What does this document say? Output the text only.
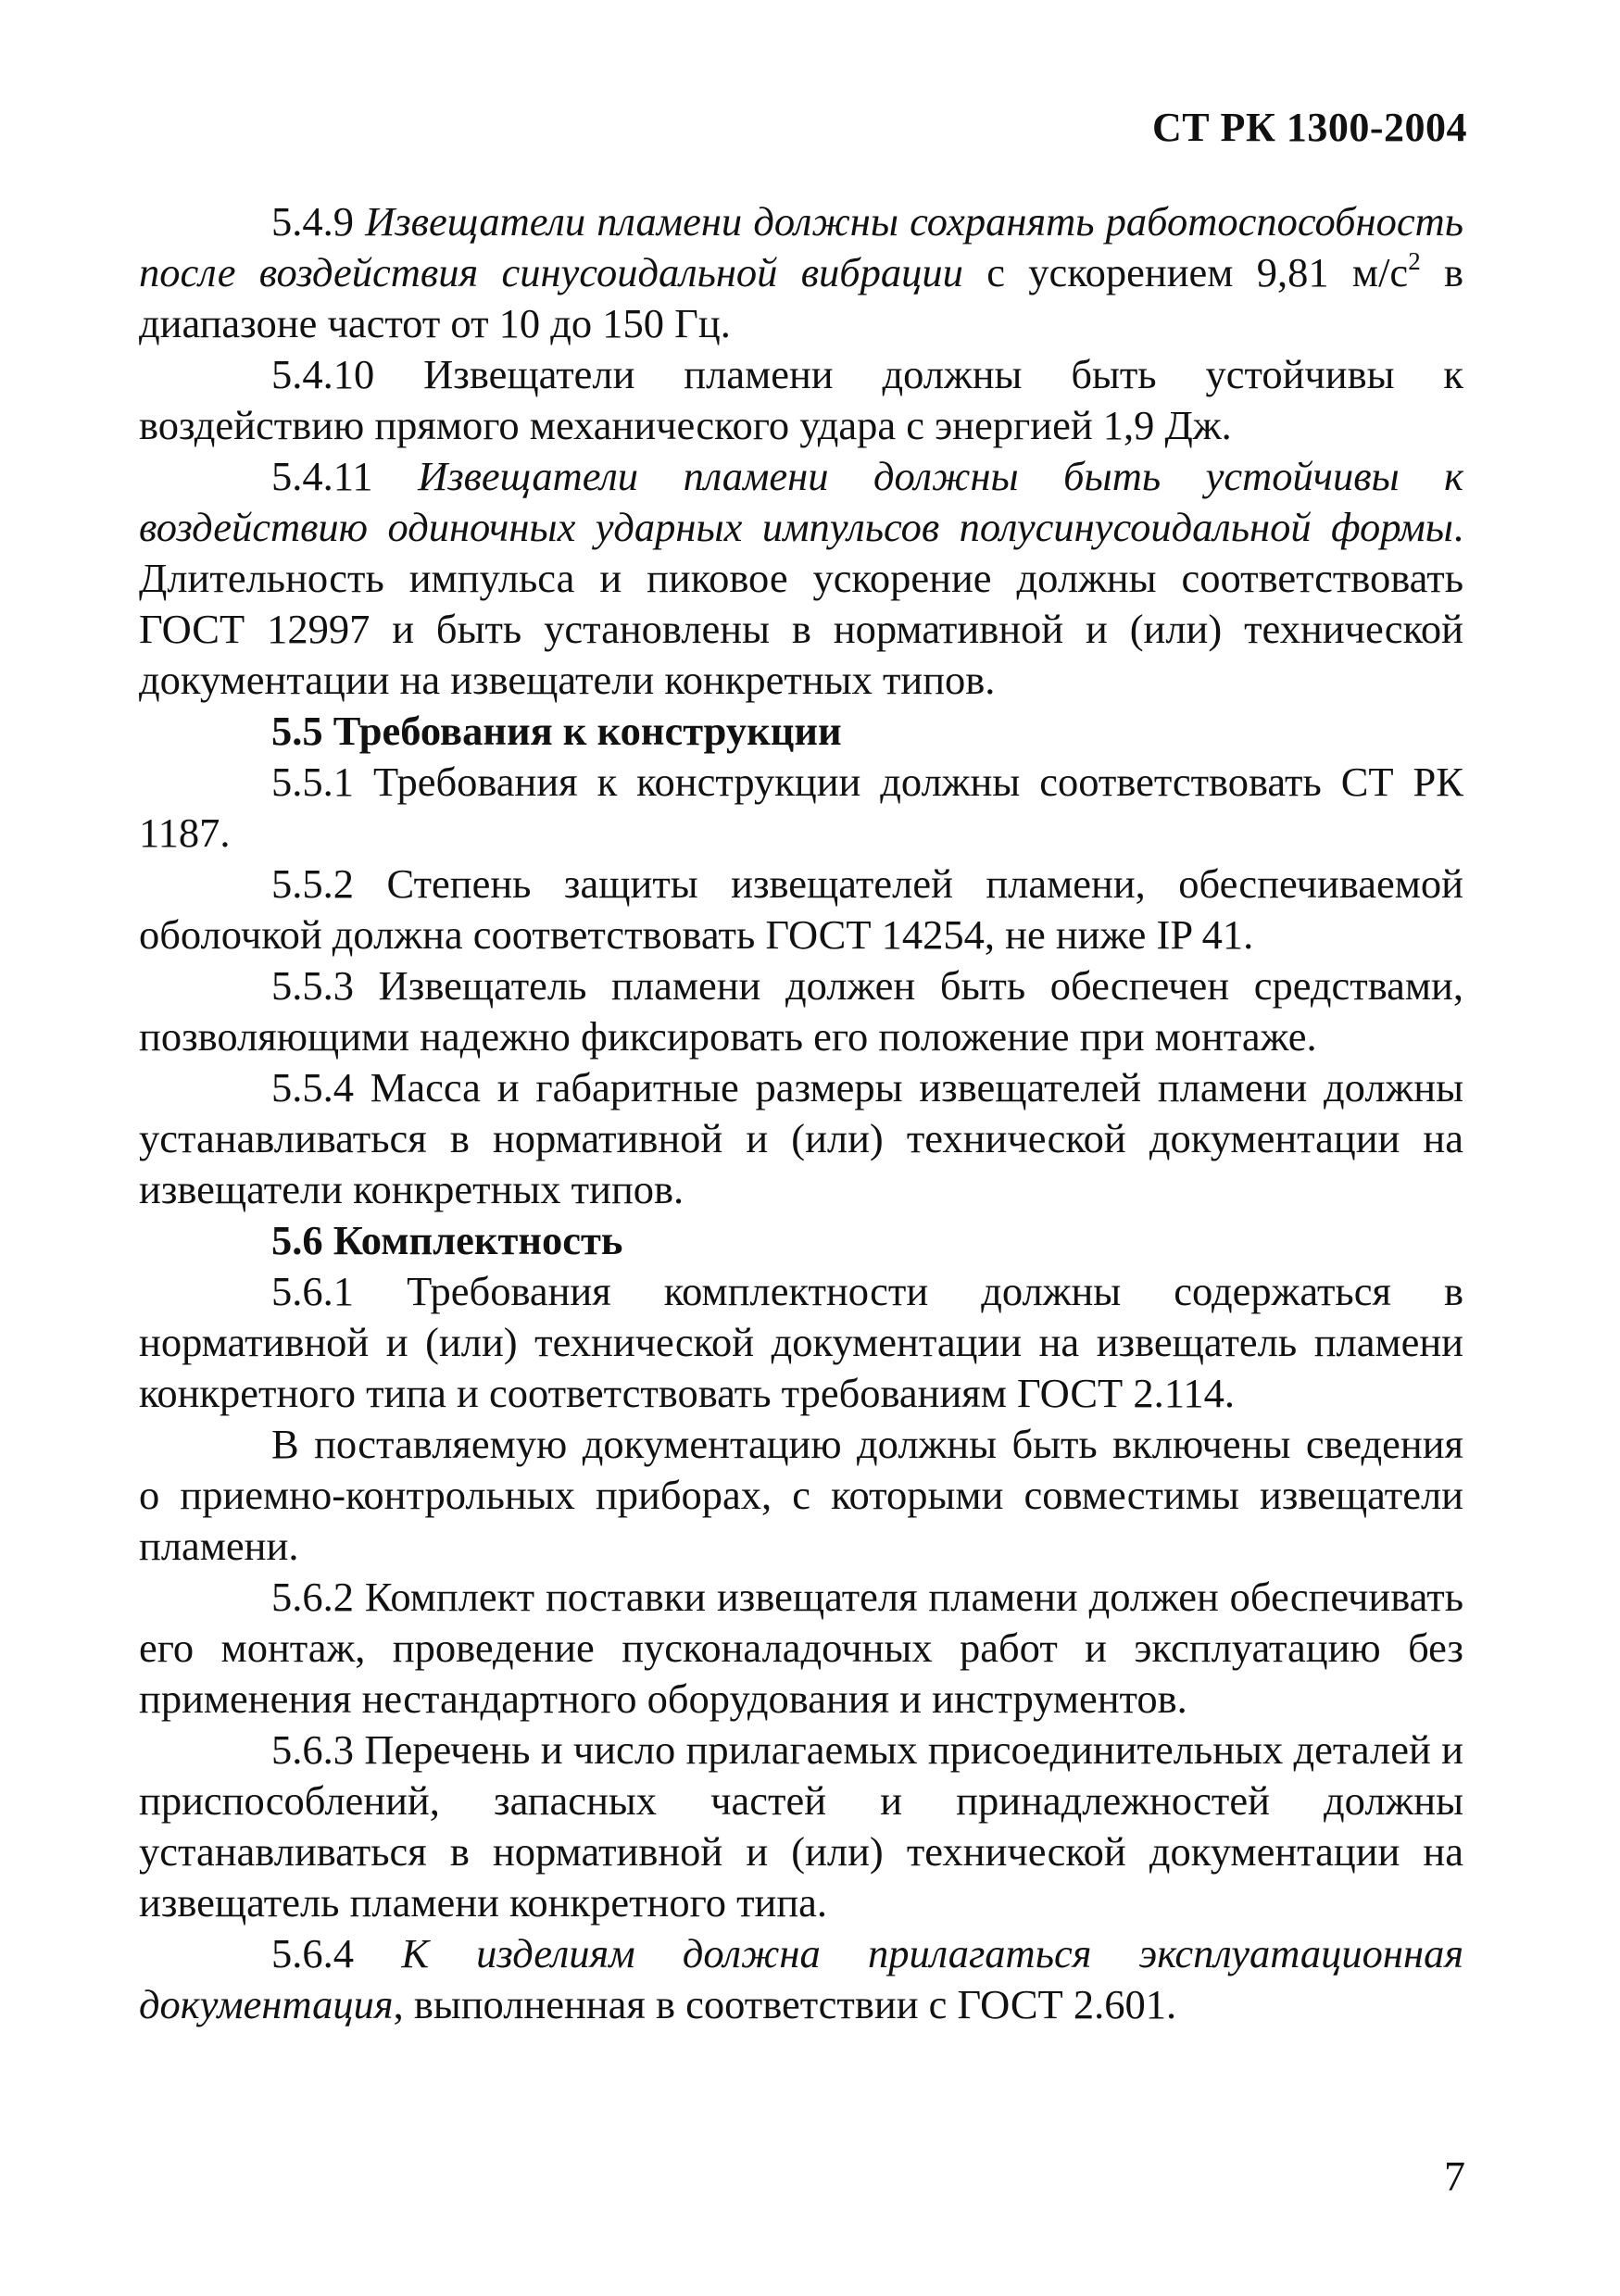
СТ РК 1300-2004

5.4.9 Извещатели пламени должны сохранять работоспособность после воздействия синусоидальной вибрации с ускорением 9,81 $м/с^2$ в диапазоне частот от 10 до 150 Гц.

5.4.10 Извещатели пламени должны быть устойчивы к воздействию прямого механического удара с энергией 1,9 Дж.

5.4.11 Извещатели пламени должны быть устойчивы к воздействию одиночных ударных импульсов полусинусоидальной формы. Длительность импульса и пиковое ускорение должны соответствовать ГОСТ 12997 и быть установлены в нормативной и (или) технической документации на извещатели конкретных типов.

5.5 Требования к конструкции

5.5.1 Требования к конструкции должны соответствовать СТ РК 1187.

5.5.2 Степень защиты извещателей пламени, обеспечиваемой оболочкой должна соответствовать ГОСТ 14254, не ниже IP 41.

5.5.3 Извещатель пламени должен быть обеспечен средствами, позволяющими надежно фиксировать его положение при монтаже.

5.5.4 Масса и габаритные размеры извещателей пламени должны устанавливаться в нормативной и (или) технической документации на извещатели конкретных типов.

5.6 Комплектность

5.6.1 Требования комплектности должны содержаться в нормативной и (или) технической документации на извещатель пламени конкретного типа и соответствовать требованиям ГОСТ 2.114.

В поставляемую документацию должны быть включены сведения о приемно-контрольных приборах, с которыми совместимы извещатели пламени.

5.6.2 Комплект поставки извещателя пламени должен обеспечивать его монтаж, проведение пусконаладочных работ и эксплуатацию без применения нестандартного оборудования и инструментов.

5.6.3 Перечень и число прилагаемых присоединительных деталей и приспособлений, запасных частей и принадлежностей должны устанавливаться в нормативной и (или) технической документации на извещатель пламени конкретного типа.

5.6.4 К изделиям должна прилагаться эксплуатационная документация, выполненная в соответствии с ГОСТ 2.601.

7
